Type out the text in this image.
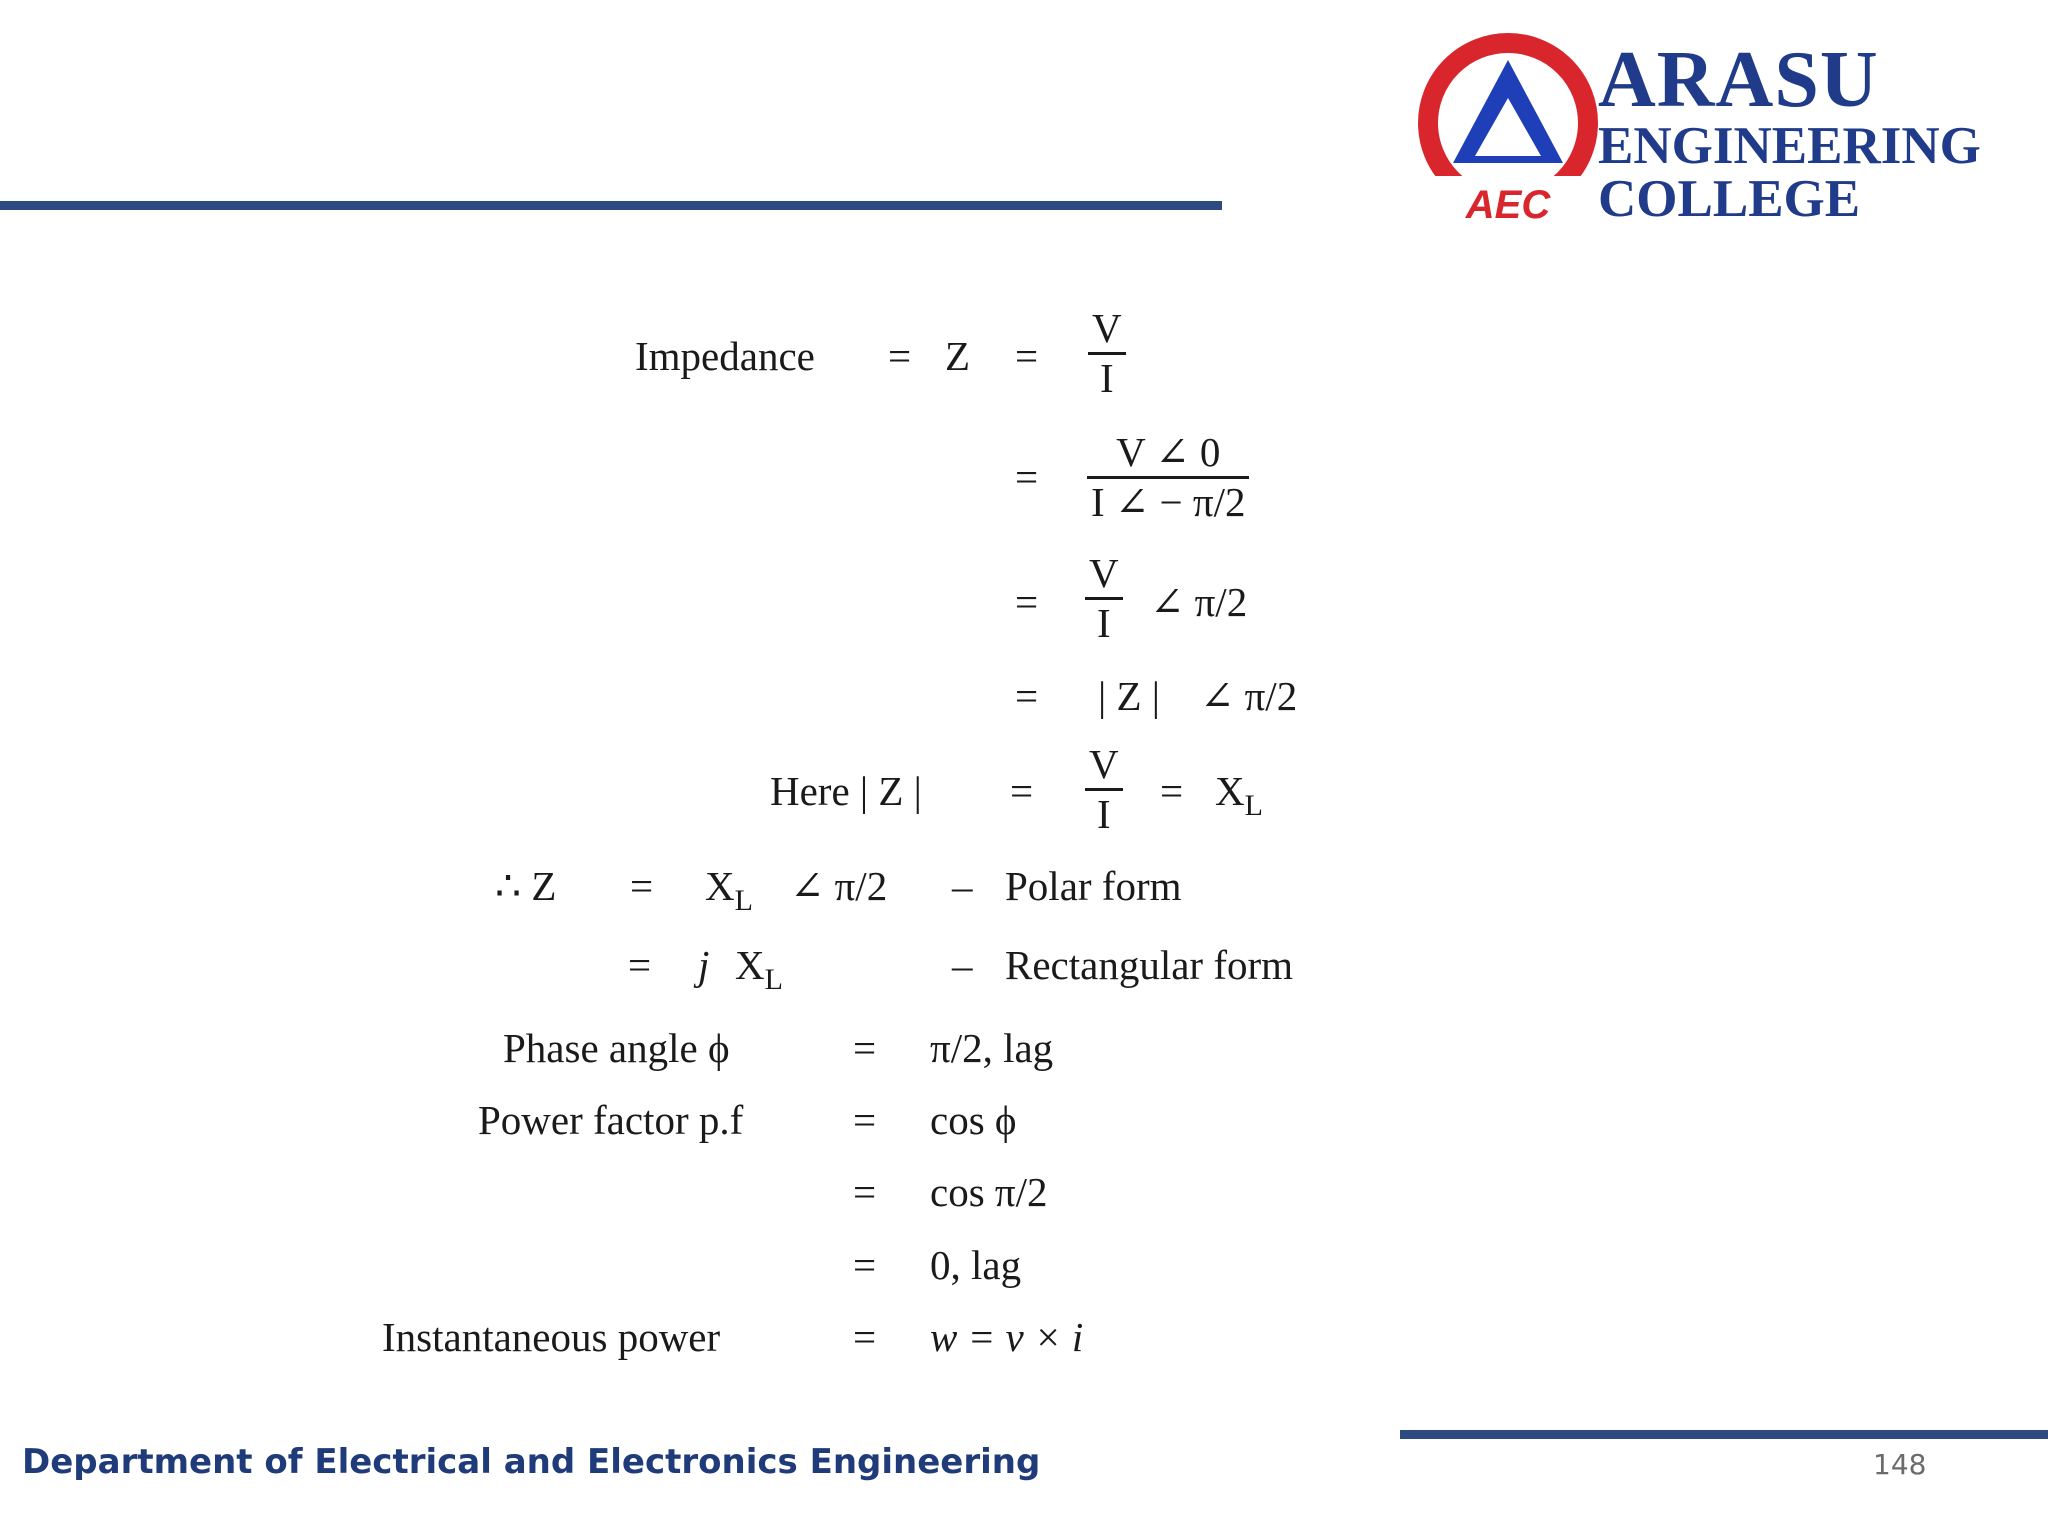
AEC
ARASU
ENGINEERING
COLLEGE
Impedance = $Z = \frac{V}{I}$
= $\frac{V \angle 0}{I \angle - \pi/2}$
= $\frac{V}{I}$ ∠ π/2
= | Z | ∠ π/2
Here | Z | = $\frac{V}{I} = X_L$
∴ $Z = X_L$ ∠ π/2 – Polar form
= j $X_L$	– Rectangular form
Phase angle ϕ	= π/2, lag
Power factor p.f	= cos ϕ
= cos π/2
= 0, lag
Instantaneous power	= w = v × i
Department of Electrical and Electronics Engineering	148
